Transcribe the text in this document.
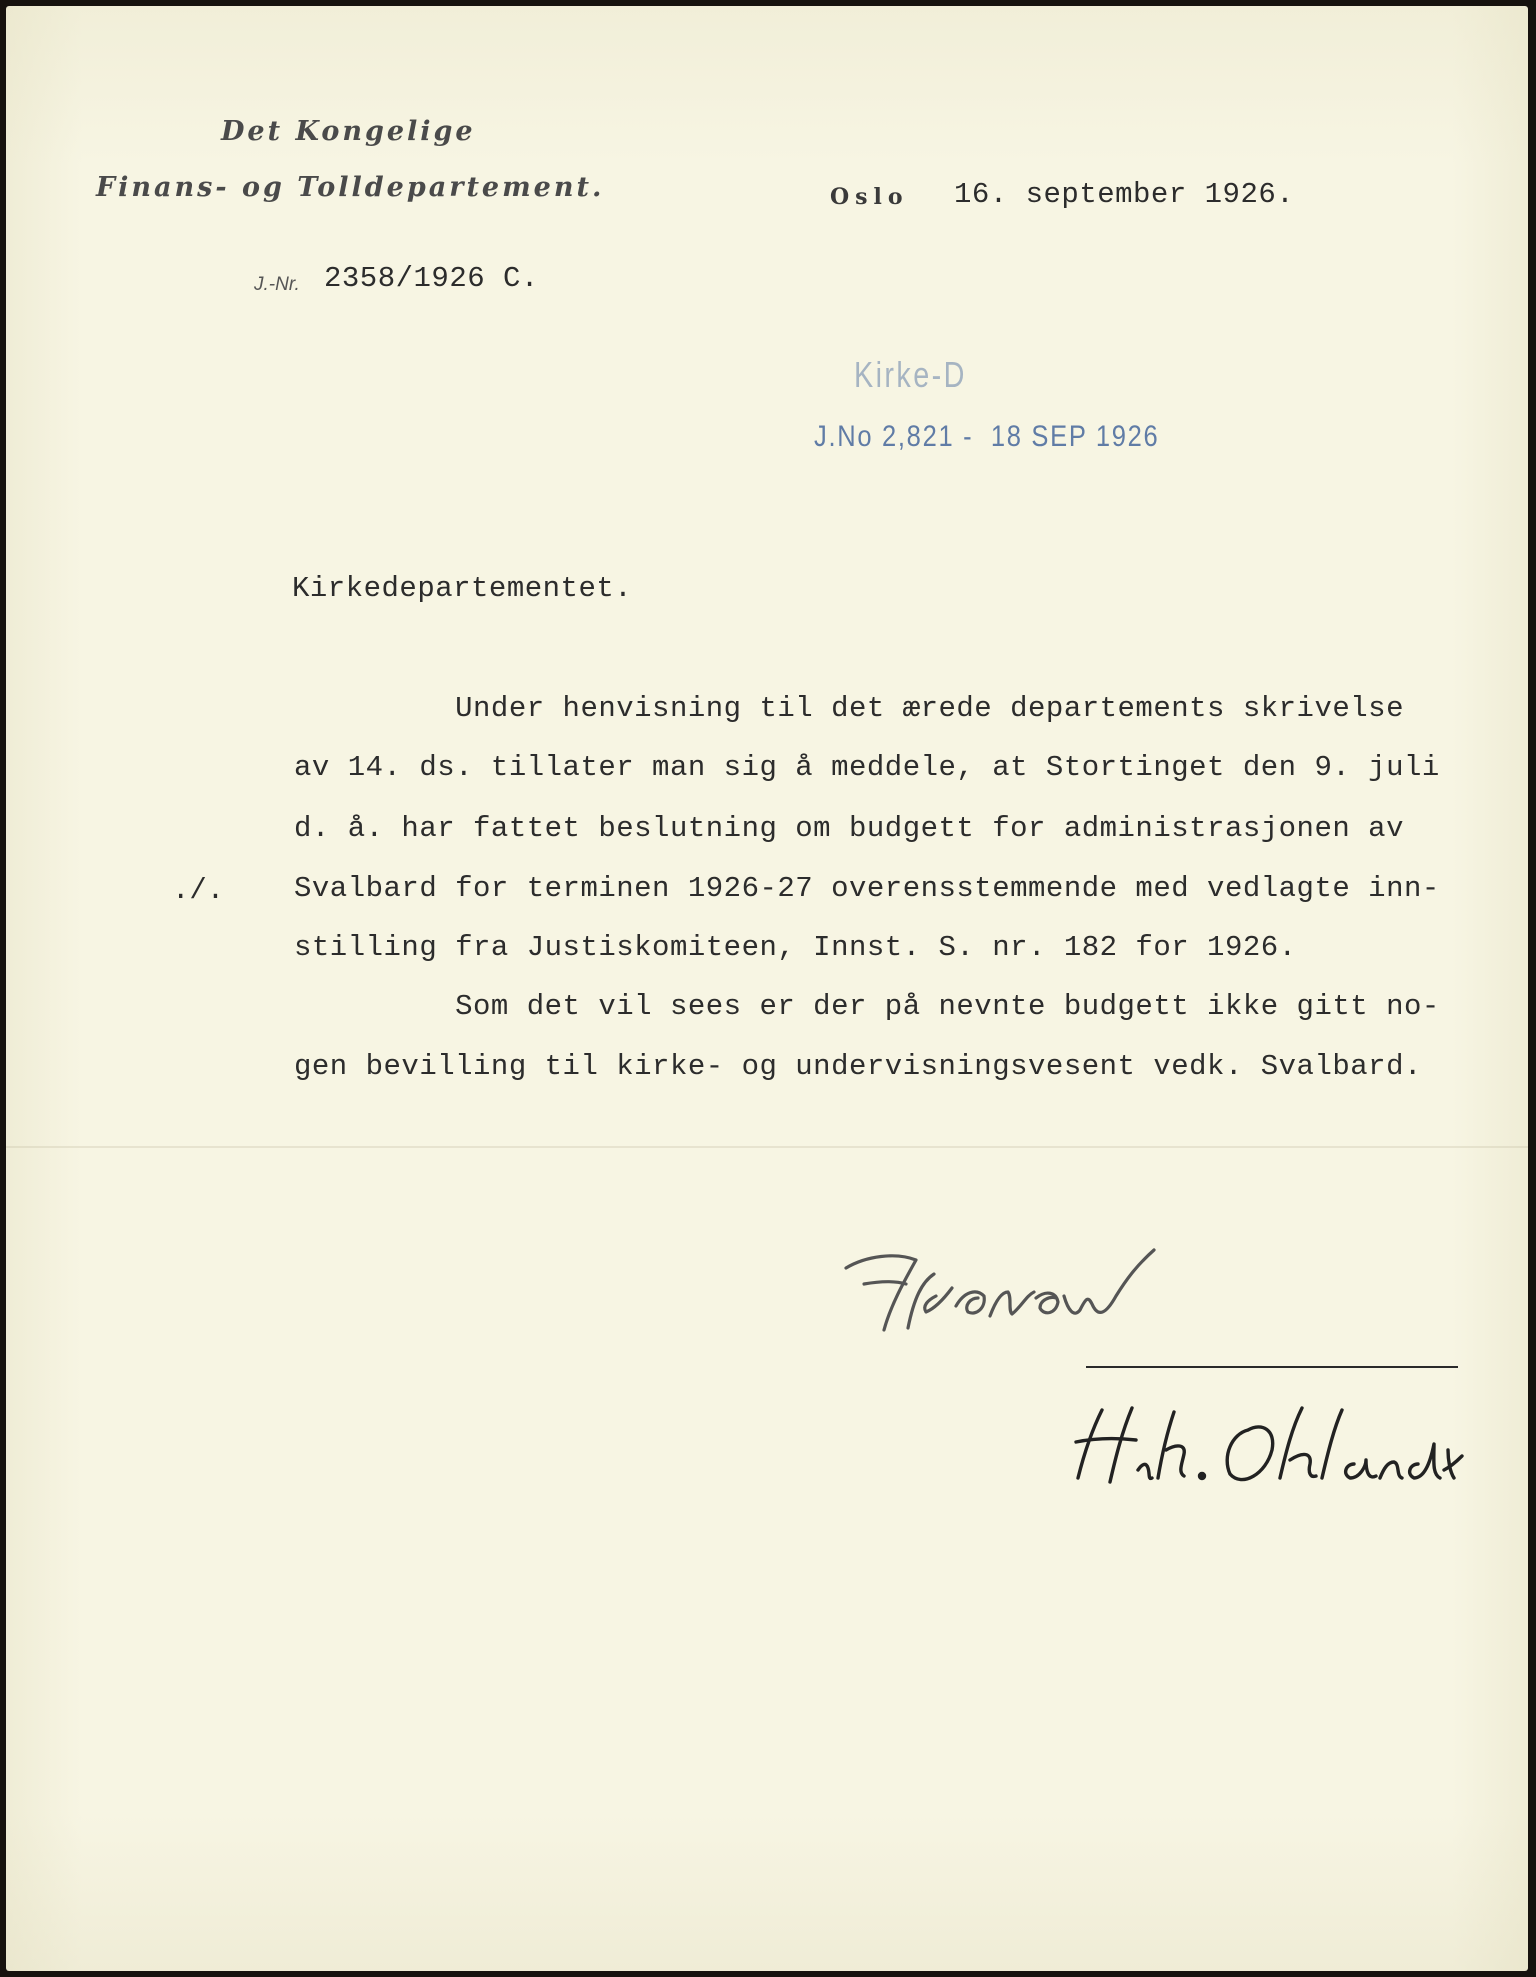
Det Kongelige
Finans- og Tolldepartement.	Oslo 16. september 1926.
J.-Nr. 2358/1926 C.
Kirke-D
J.No 2,821 -  18 SEP 1926
Kirkedepartementet.
./.
Under henvisning til det ærede departements skrivelse
av 14. ds. tillater man sig å meddele, at Stortinget den 9. juli
d. å. har fattet beslutning om budgett for administrasjonen av
Svalbard for terminen 1926-27 overensstemmende med vedlagte inn-
stilling fra Justiskomiteen, Innst. S. nr. 182 for 1926.
Som det vil sees er der på nevnte budgett ikke gitt no-
gen bevilling til kirke- og undervisningsvesent vedk. Svalbard.
